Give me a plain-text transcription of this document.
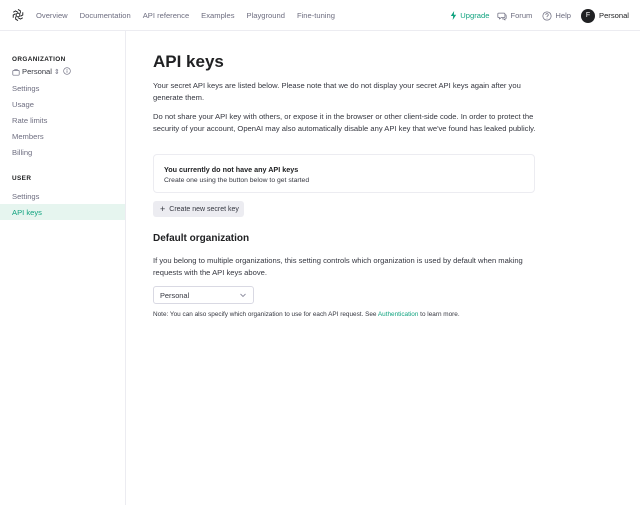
Overview Documentation API reference Examples Playground Fine-tuning	Upgrade	Forum	Help	F	Personal
ORGANIZATION
Personal ⇕
Settings
Usage
Rate limits
Members
Billing
USER
Settings
API keys
API keys

Your secret API keys are listed below. Please note that we do not display your secret API keys again after you generate them.

Do not share your API key with others, or expose it in the browser or other client-side code. In order to protect the security of your account, OpenAI may also automatically disable any API key that we've found has leaked publicly.

You currently do not have any API keys
Create one using the button below to get started
+ Create new secret key
Default organization

If you belong to multiple organizations, this setting controls which organization is used by default when making requests with the API keys above.

Personal
Note: You can also specify which organization to use for each API request. See Authentication to learn more.
